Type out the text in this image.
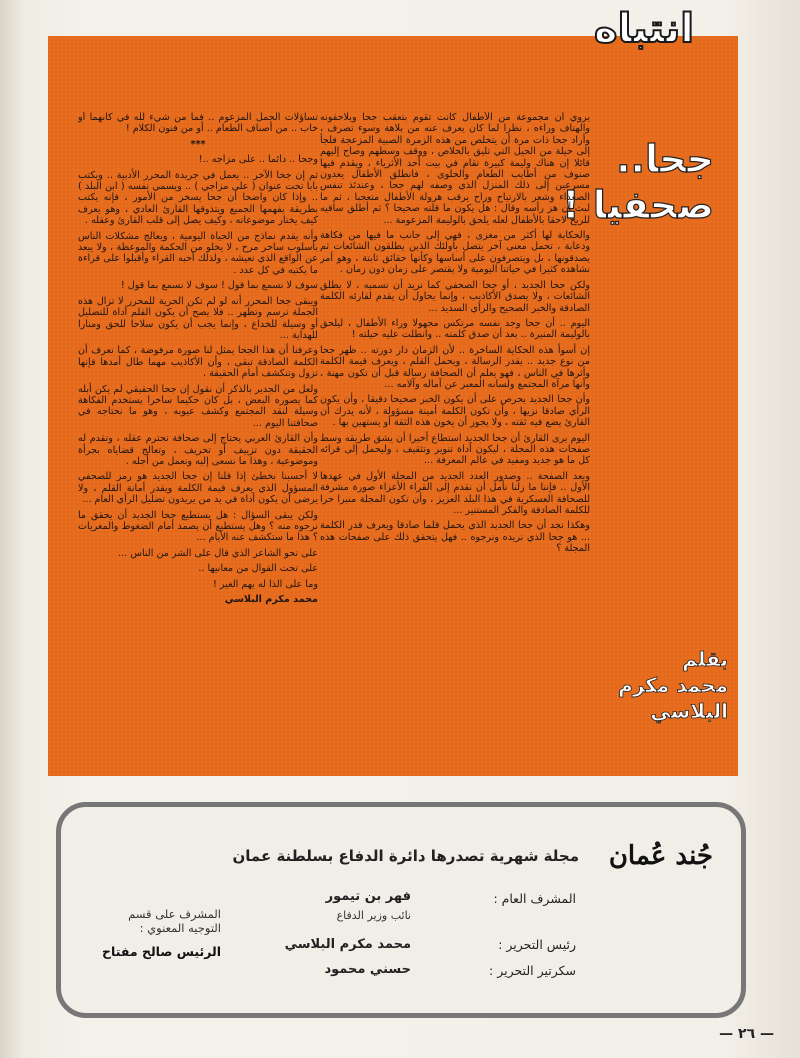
جحا..
صحفيا !
بقلم
محمد مكرم
البلاسي

يروي أن مجموعة من الأطفال كانت تقوم بتعقب جحا ويلاحقونه والهتاف وراءه ، نظرا لما كان يعرف عنه من بلاهة وسوء تصرف ، وأراد جحا ذات مرة أن يتخلص من هذه الزمرة الصبية المزعجة فلجأ إلى حيلة من الحيل التي تليق بالخلاص ، ووقف وسطهم وصاح إليهم قائلا إن هناك وليمة كبيرة تقام في بيت أحد الأثرياء ، ويقدم فيها صنوف من أطايب الطعام والحلوى ، فانطلق الأطفال يعدون مسرعين إلى ذلك المنزل الذي وصفه لهم جحا ، وعندئذ تنفس الصعداء وشعر بالارتياح وراح يرقب هرولة الأطفال متعجبا ، ثم ما لبث أن هز رأسه وقال : هل يكون ما قلته صحيحا ؟ ثم أطلق ساقيه للريح لاحقا بالأطفال لعله يلحق بالوليمة المزعومة ...

والحكاية لها أكثر من مغزى ، فهي إلى جانب ما فيها من فكاهة ودعابة ، تحمل معنى آخر يتصل بأولئك الذين يطلقون الشائعات ثم يصدقونها ، بل ويتصرفون على أساسها وكأنها حقائق ثابتة ، وهو أمر نشاهده كثيرا في حياتنا اليومية ولا يقتصر على زمان دون زمان .

ولكن جحا الجديد ، أو جحا الصحفي كما نريد أن نسميه ، لا يطلق الشائعات ، ولا يصدق الأكاذيب ، وإنما يحاول أن يقدم لقارئه الكلمة الصادقة والخبر الصحيح والرأي السديد ...

اليوم .. أن جحا وجد نفسه مرتكس مجهولا وراء الأطفال ، ليلحق بالوليمة المنيرة .. بعد أن صدق كلمته .. وانطلت عليه حيلته !

إن أسوأ هذه الحكاية الساخرة .. لأن الزمان دار دورته .. ظهر جحا من نوع جديد .. يقدر الرسالة ، ويحمل القلم ، ويعرف قيمة الكلمة وأثرها في الناس ، فهو يعلم أن الصحافة رسالة قبل أن تكون مهنة ، وأنها مرآة المجتمع ولسانه المعبر عن آماله وآلامه ...

وأن جحا الجديد يحرص على أن يكون الخبر صحيحا دقيقا ، وأن يكون الرأي صادقا نزيها ، وأن تكون الكلمة أمينة مسؤولة ، لأنه يدرك أن القارئ يضع فيه ثقته ، ولا يجوز أن يخون هذه الثقة أو يستهين بها .

اليوم يرى القارئ أن جحا الجديد استطاع أخيرا أن يشق طريقه وسط صفحات هذه المجلة ، ليكون أداة تنوير وتثقيف ، وليحمل إلى قرائه كل ما هو جديد ومفيد في عالم المعرفة ...

وبعد الصفحة .. وصدور العدد الجديد من المجلة الأول في عهدها الأول .. فإننا ما زلنا نأمل أن نقدم إلى القراء الأعزاء صورة مشرفة للصحافة العسكرية في هذا البلد العزيز ، وأن تكون المجلة منبرا حرا للكلمة الصادقة والفكر المستنير ...

وهكذا نجد أن جحا الجديد الذي يحمل قلما صادقا ويعرف قدر الكلمة ... هو جحا الذي نريده ونرجوه .. فهل يتحقق ذلك على صفحات هذه المجلة ؟

تساؤلات الحمل المزعوم .. فما من شيء لله في كانهما أو خاب .. من أصناف الطعام .. أو من فنون الكلام !

***

وجحا .. دائما .. على مزاجه ..!

ثم إن جحا الآخر .. يعمل في جريدة المحرر الأدبية .. ويكتب بابا تحت عنوان ( على مزاجي ) .. ويسمي نفسه ( ابن البلد ) .. وإذا كان واضحا أن جحا يسخر من الأمور ، فإنه يكتب بطريقة يفهمها الجميع ويتذوقها القارئ العادي ، وهو يعرف كيف يختار موضوعاته ، وكيف يصل إلى قلب القارئ وعقله .

وأنه يقدم نماذج من الحياة اليومية ، ويعالج مشكلات الناس بأسلوب ساخر مرح ، لا يخلو من الحكمة والموعظة ، ولا يبعد عن الواقع الذي نعيشه ، ولذلك أحبه القراء وأقبلوا على قراءة ما يكتبه في كل عدد .

سوف لا نسمع بما قول ! سوف لا نسمع بما قول !

ويبقى جحا المحرر أنه لو لم تكن الحرية للمحرر لا تزال هذه الجملة ترسم وتظهر .. فلا يصح أن يكون القلم أداة للتضليل أو وسيلة للخداع ، وإنما يجب أن يكون سلاحا للحق ومنارا للهداية ...

وعرفنا أن هذا الجحا يمثل لنا صورة مرفوضة ، كما نعرف أن الكلمة الصادقة تبقى ، وأن الأكاذيب مهما طال أمدها فإنها تزول وتنكشف أمام الحقيقة .

ولعل من الجدير بالذكر أن نقول إن جحا الحقيقي لم يكن أبله كما يصوره البعض ، بل كان حكيما ساخرا يستخدم الفكاهة وسيلة لنقد المجتمع وكشف عيوبه ، وهو ما نحتاجه في صحافتنا اليوم ...

وأن القارئ العربي يحتاج إلى صحافة تحترم عقله ، وتقدم له الحقيقة دون تزييف أو تحريف ، وتعالج قضاياه بجرأة وموضوعية ، وهذا ما نسعى إليه ونعمل من أجله .

لا أحسبنا نخطئ إذا قلنا إن جحا الجديد هو رمز للصحفي المسؤول الذي يعرف قيمة الكلمة ويقدر أمانة القلم ، ولا يرضى أن يكون أداة في يد من يريدون تضليل الرأي العام ...

ولكن يبقى السؤال : هل يستطيع جحا الجديد أن يحقق ما نرجوه منه ؟ وهل يستطيع أن يصمد أمام الضغوط والمغريات ؟ هذا ما ستكشف عنه الأيام ...

على نحو الشاعر الذي قال على الشر من الناس ...

على تحت القوال من معانيها ..

وما على الذا له يهم الغير !

محمد مكرم البلاسي

انتباه
جُند عُمان
مجلة شهرية تصدرها دائرة الدفاع بسلطنة عمان
المشرف العام :
فهر بن تيمور
نائب وزير الدفاع
رئيس التحرير :
محمد مكرم البلاسي
سكرتير التحرير :
حسني محمود
المشرف على قسم
التوجيه المعنوي :
الرئيس صالح مفتاح
— ٢٦ —
